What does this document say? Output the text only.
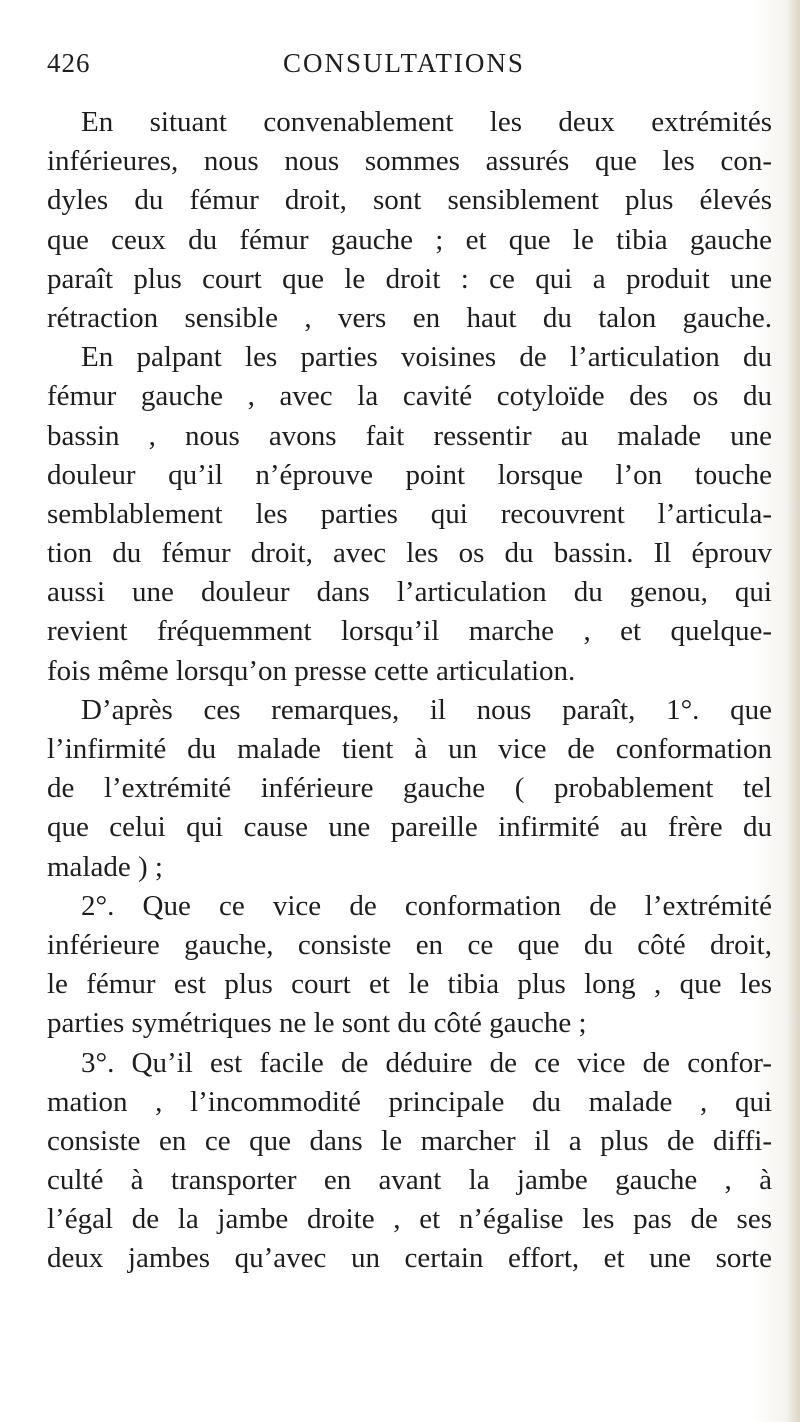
426	CONSULTATIONS
En situant convenablement les deux extrémités
inférieures, nous nous sommes assurés que les con-
dyles du fémur droit, sont sensiblement plus élevés
que ceux du fémur gauche ; et que le tibia gauche
paraît plus court que le droit : ce qui a produit une
rétraction sensible , vers en haut du talon gauche.
En palpant les parties voisines de l’articulation du
fémur gauche , avec la cavité cotyloïde des os du
bassin , nous avons fait ressentir au malade une
douleur qu’il n’éprouve point lorsque l’on touche
semblablement les parties qui recouvrent l’articula-
tion du fémur droit, avec les os du bassin. Il éprouv
aussi une douleur dans l’articulation du genou, qui
revient fréquemment lorsqu’il marche , et quelque-
fois même lorsqu’on presse cette articulation.
D’après ces remarques, il nous paraît, 1°. que
l’infirmité du malade tient à un vice de conformation
de l’extrémité inférieure gauche ( probablement tel
que celui qui cause une pareille infirmité au frère du
malade ) ;
2°. Que ce vice de conformation de l’extrémité
inférieure gauche, consiste en ce que du côté droit,
le fémur est plus court et le tibia plus long , que les
parties symétriques ne le sont du côté gauche ;
3°. Qu’il est facile de déduire de ce vice de confor-
mation , l’incommodité principale du malade , qui
consiste en ce que dans le marcher il a plus de diffi-
culté à transporter en avant la jambe gauche , à
l’égal de la jambe droite , et n’égalise les pas de ses
deux jambes qu’avec un certain effort, et une sorte
